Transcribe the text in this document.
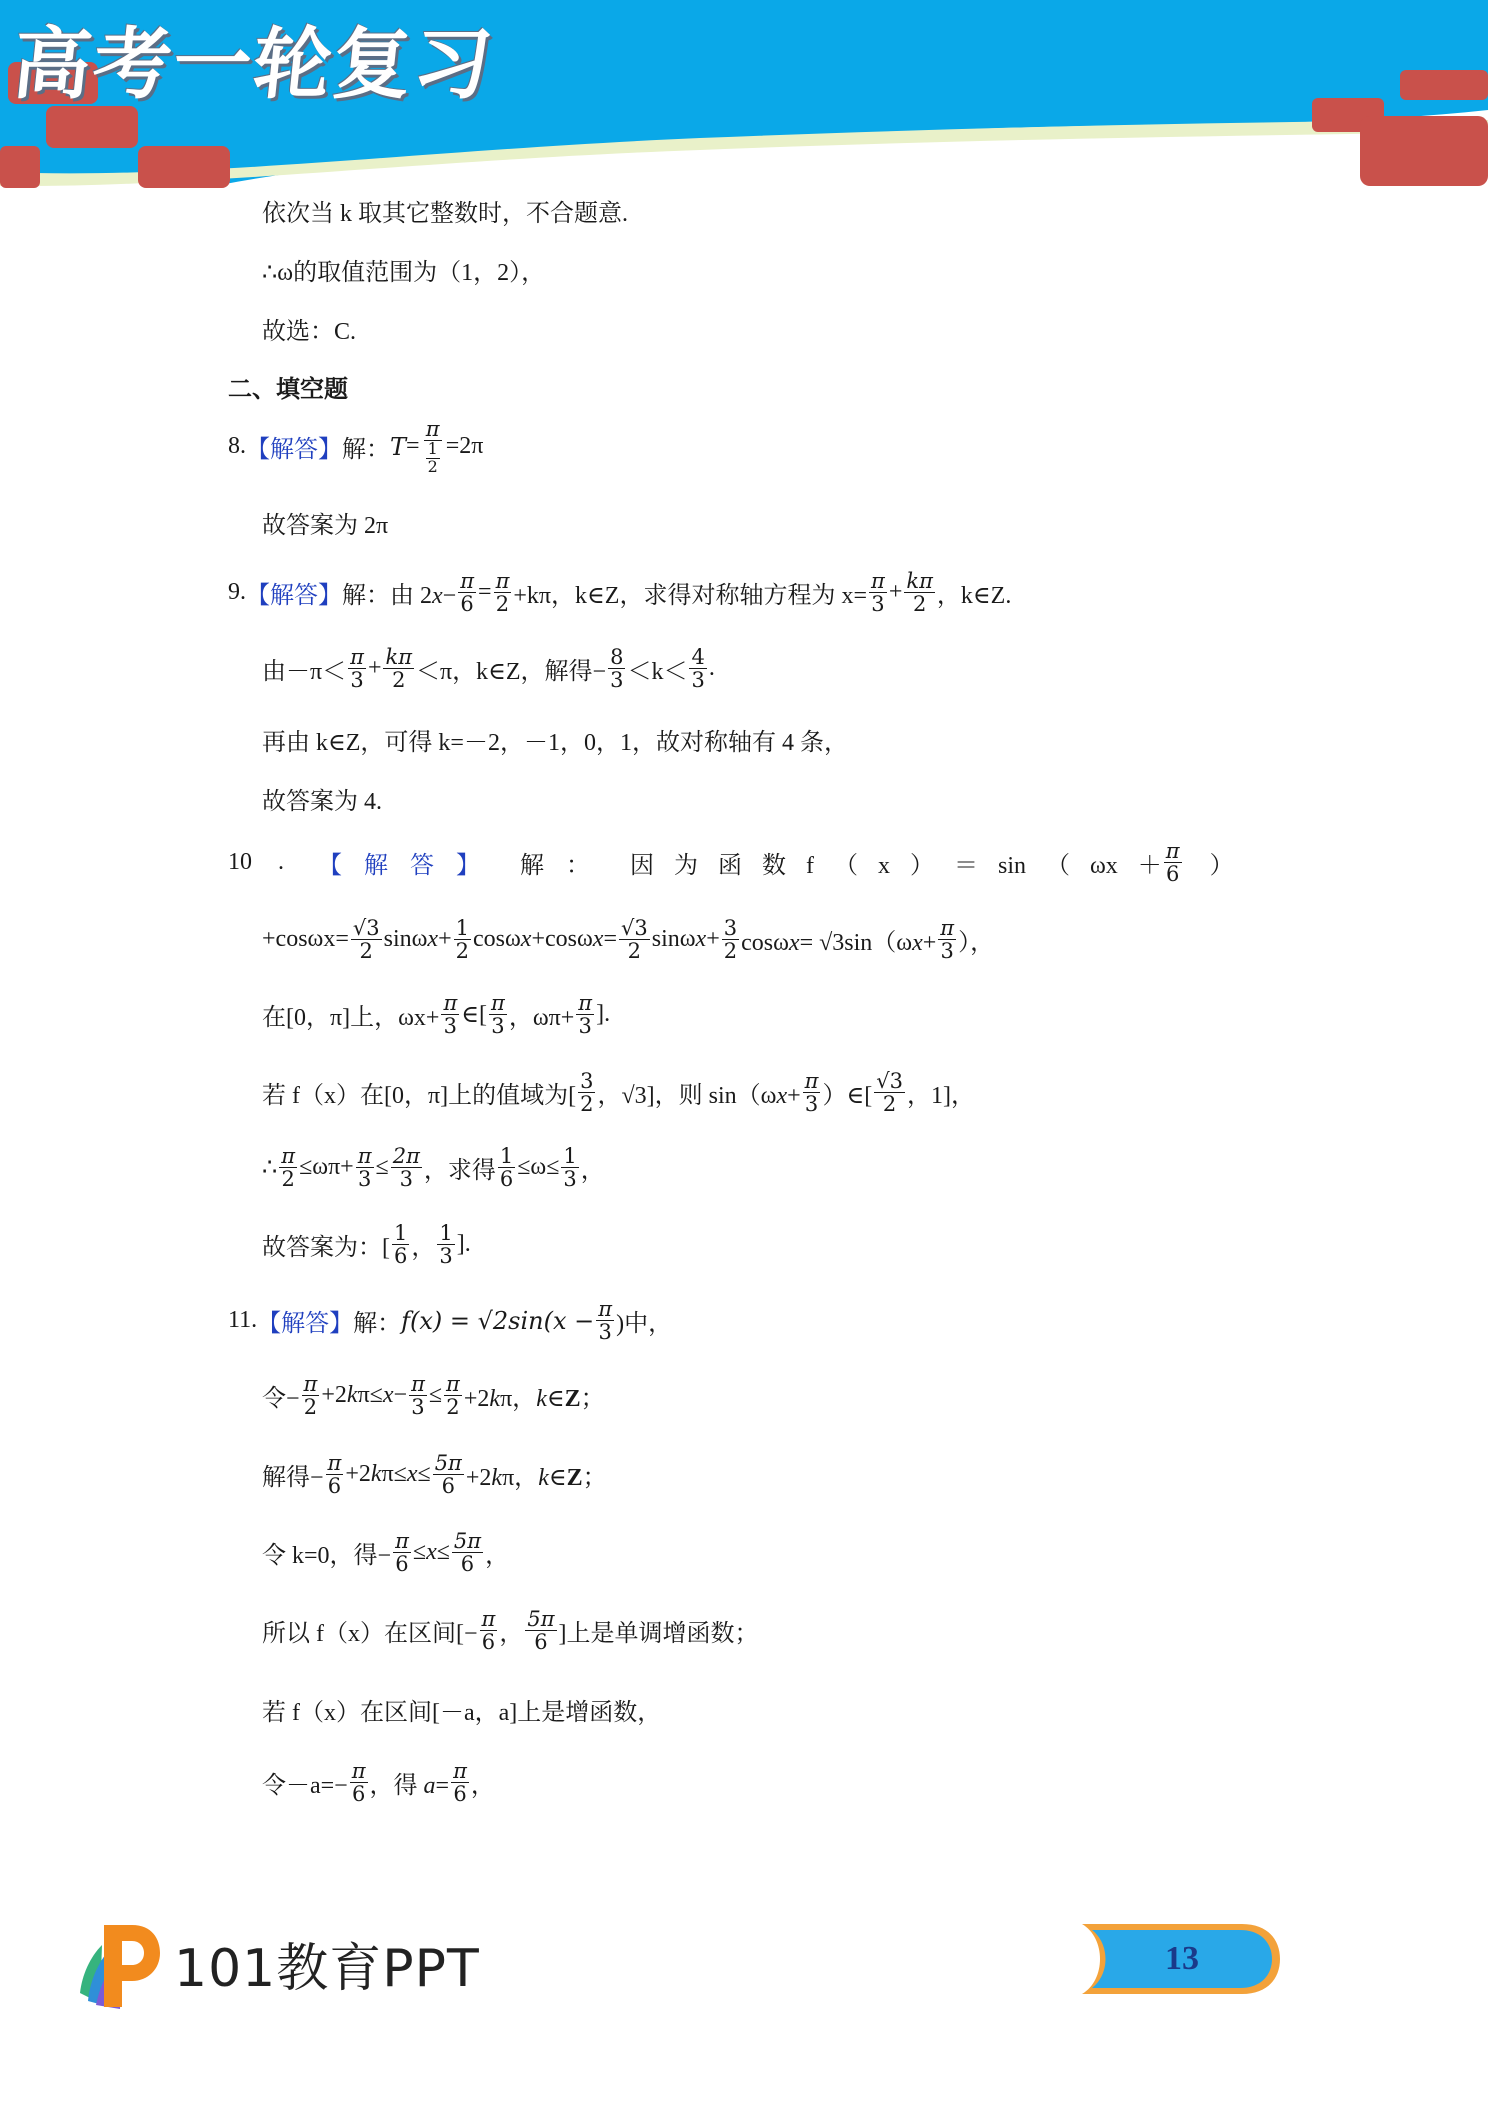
高考一轮复习
依次当 k 取其它整数时，不合题意.
∴ω的取值范围为（1，2），
故选：C.
二、填空题
8. 【解答】 解： $T = \frac{\pi}{\frac{1}{2}} =2\pi$
故答案为 2π
9. 【解答】 解： 由 $2x- \frac{\pi}{6} = \frac{\pi}{2} +k\pi$，k∈Z，求得对称轴方程为 $x= \frac{\pi}{3} + \frac{k\pi}{2}$ ，k∈Z.
由$-\pi< \frac{\pi}{3} + \frac{k\pi}{2} <\pi$，k∈Z，解得− $\frac{8}{3} <k< \frac{4}{3}$ .
再由 k∈Z，可得 k=－2，－1，0，1，故对称轴有 4 条，
故答案为 4.
10 . 【解答】 解： 因 为 函 数 f （ x ） ＝ sin （ $\omega x + \frac{\pi}{6}$ ）
$+\cos\omega x= \frac{√3}{2} \sin\omega x+ \frac{1}{2} \cos\omega x+\cos\omega x= \frac{√3}{2} \sin\omega x+ \frac{3}{2} \cos\omega x= √3\sin(\omega x+ \frac{\pi}{3}$ ），
在[0，π]上，$\omega x+ \frac{\pi}{3}$ ∈[ $\frac{\pi}{3}$ ，$\omega\pi+ \frac{\pi}{3}$ ].
若 f（x）在[0，π]上的值域为[ $\frac{3}{2}$ ，√3]，则 $\sin(\omega x+ \frac{\pi}{3}$ ）∈[ $\frac{√3}{2}$ ，1]，
∴ $\frac{\pi}{2} \le\omega\pi+ \frac{\pi}{3} \le \frac{2\pi}{3}$ ，求得 $\frac{1}{6} \le\omega\le \frac{1}{3}$ ，
故答案为：[ $\frac{1}{6}$ ， $\frac{1}{3}$ ].
11. 【解答】 解： $f(x) = √2\sin(x - \frac{\pi}{3}$ )中，
令− $\frac{\pi}{2} +2k\pi\le x- \frac{\pi}{3} \le \frac{\pi}{2} +2k\pi$，k∈Z；
解得− $\frac{\pi}{6} +2k\pi\le x\le \frac{5\pi}{6} +2k\pi$，k∈Z；
令 k=0，得− $\frac{\pi}{6} \le x\le \frac{5\pi}{6}$ ，
所以 f（x）在区间[− $\frac{\pi}{6}$ ， $\frac{5\pi}{6}$ ]上是单调增函数；
若 f（x）在区间[－a，a]上是增函数，
令$-a=- \frac{\pi}{6}$ ，得 $a= \frac{\pi}{6}$ ，
101教育PPT	13
